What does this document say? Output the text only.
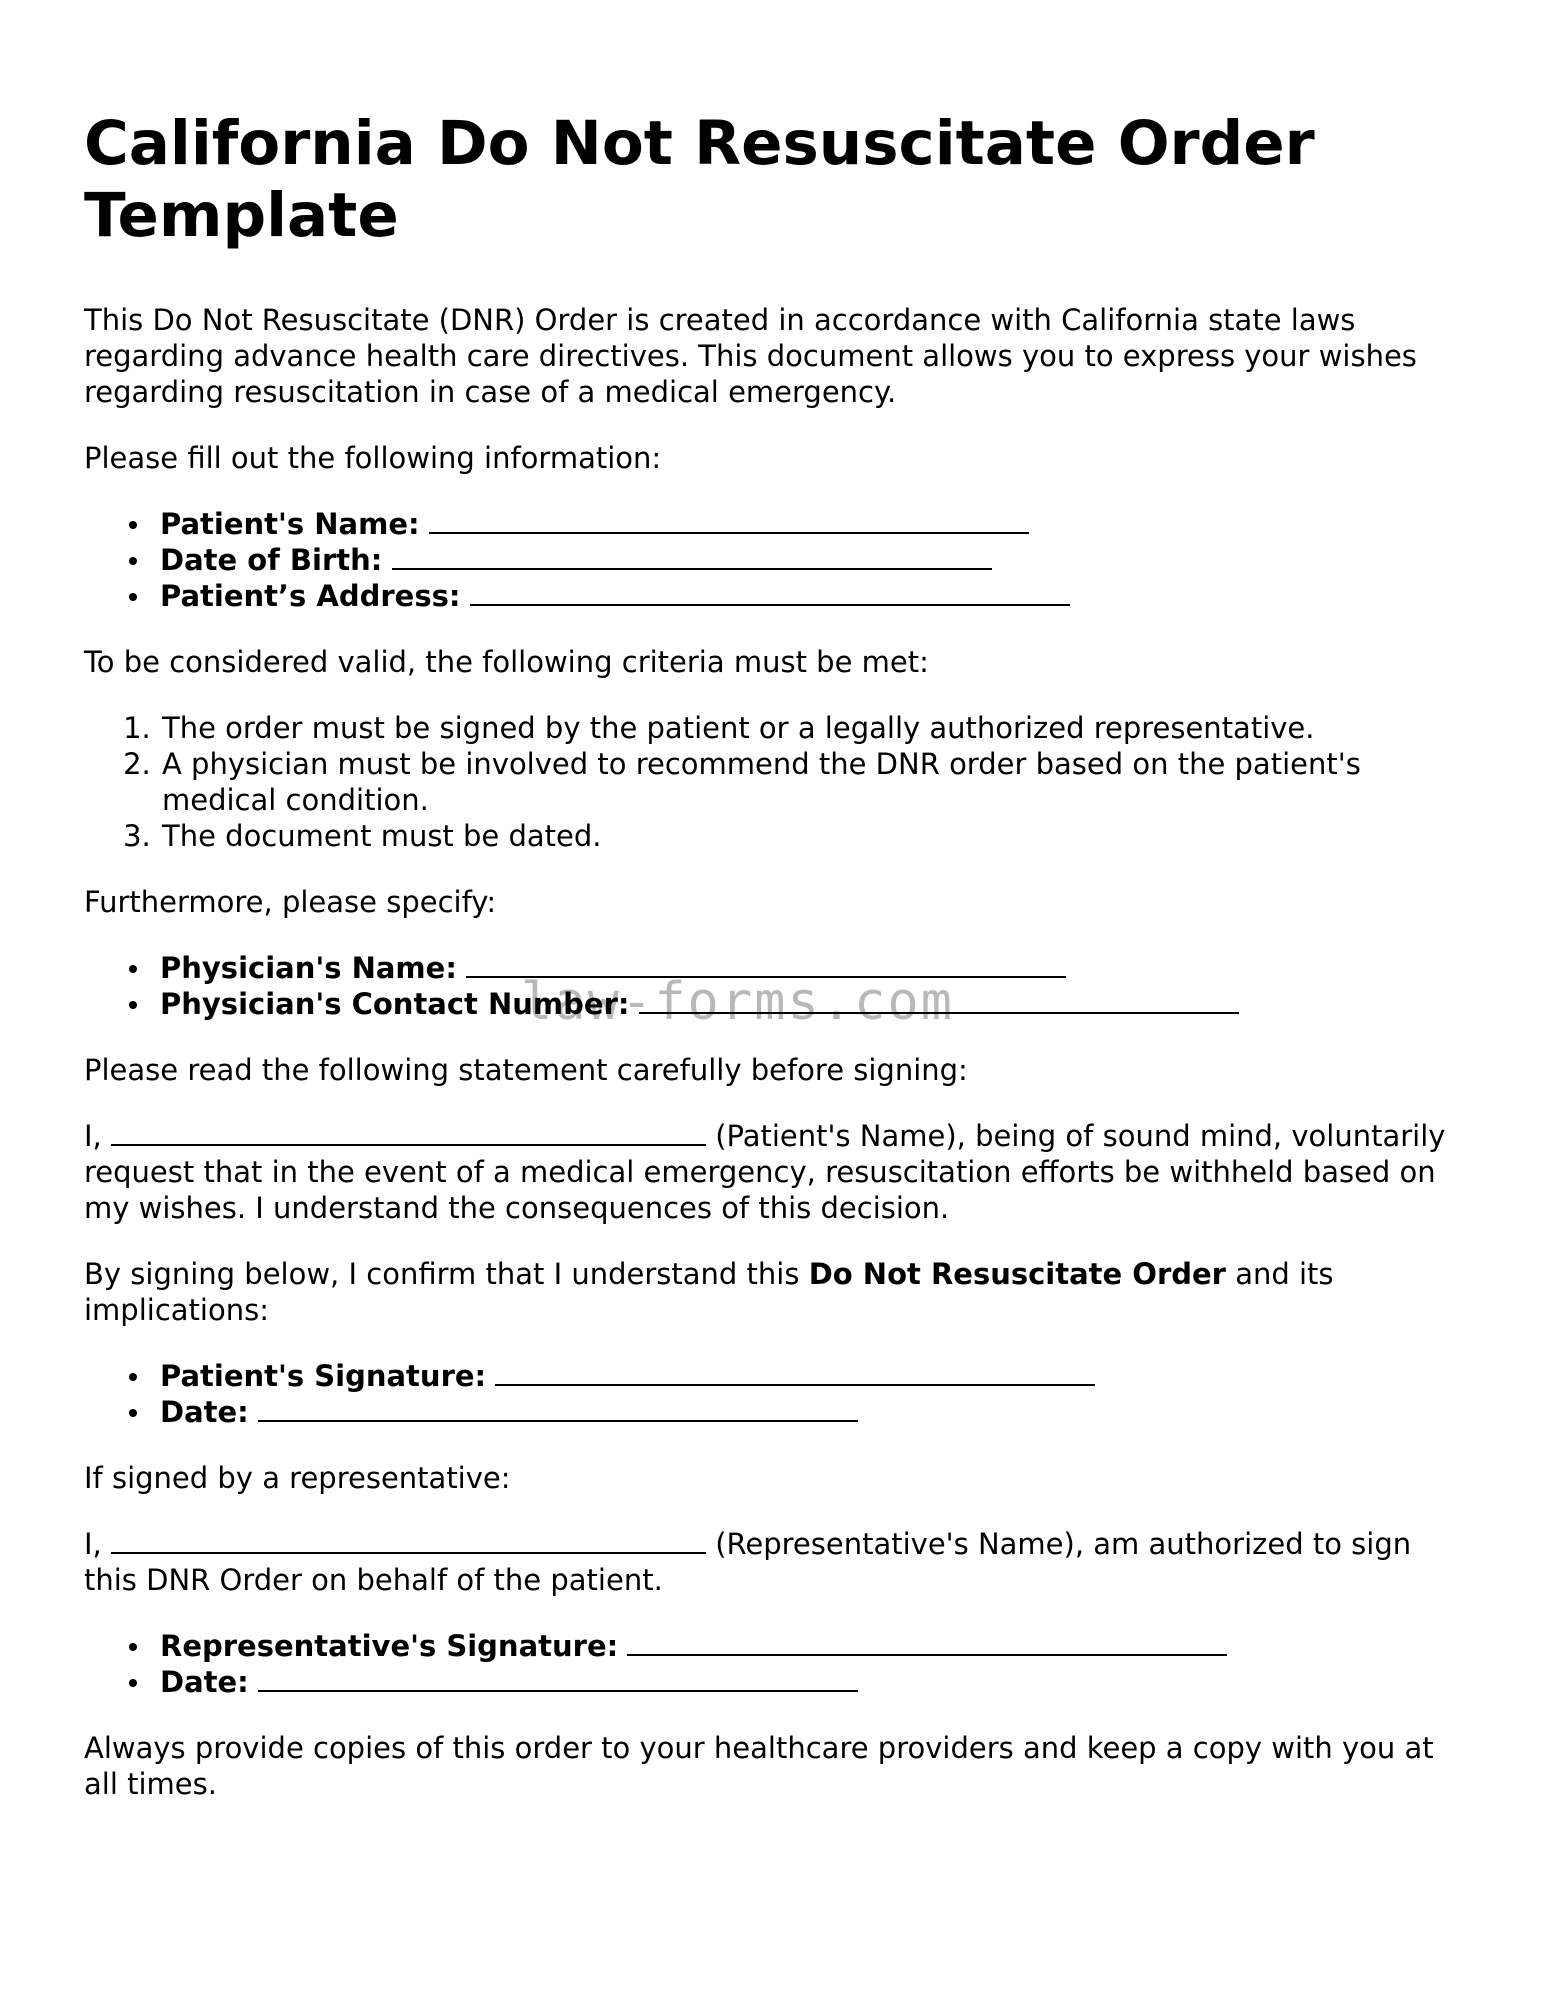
California Do Not Resuscitate Order Template

This Do Not Resuscitate (DNR) Order is created in accordance with California state laws regarding advance health care directives. This document allows you to express your wishes regarding resuscitation in case of a medical emergency.

Please fill out the following information:

Patient's Name:
Date of Birth:
Patient’s Address:

To be considered valid, the following criteria must be met:

1. The order must be signed by the patient or a legally authorized representative.
2. A physician must be involved to recommend the DNR order based on the patient's medical condition.
3. The document must be dated.

Furthermore, please specify:

Physician's Name:
Physician's Contact Number:

Please read the following statement carefully before signing:

I,	(Patient's Name), being of sound mind, voluntarily request that in the event of a medical emergency, resuscitation efforts be withheld based on my wishes. I understand the consequences of this decision.

By signing below, I confirm that I understand this Do Not Resuscitate Order and its implications:

Patient's Signature:
Date:

If signed by a representative:

I,	(Representative's Name), am authorized to sign this DNR Order on behalf of the patient.

Representative's Signature:
Date:

Always provide copies of this order to your healthcare providers and keep a copy with you at all times.

law-forms.com
